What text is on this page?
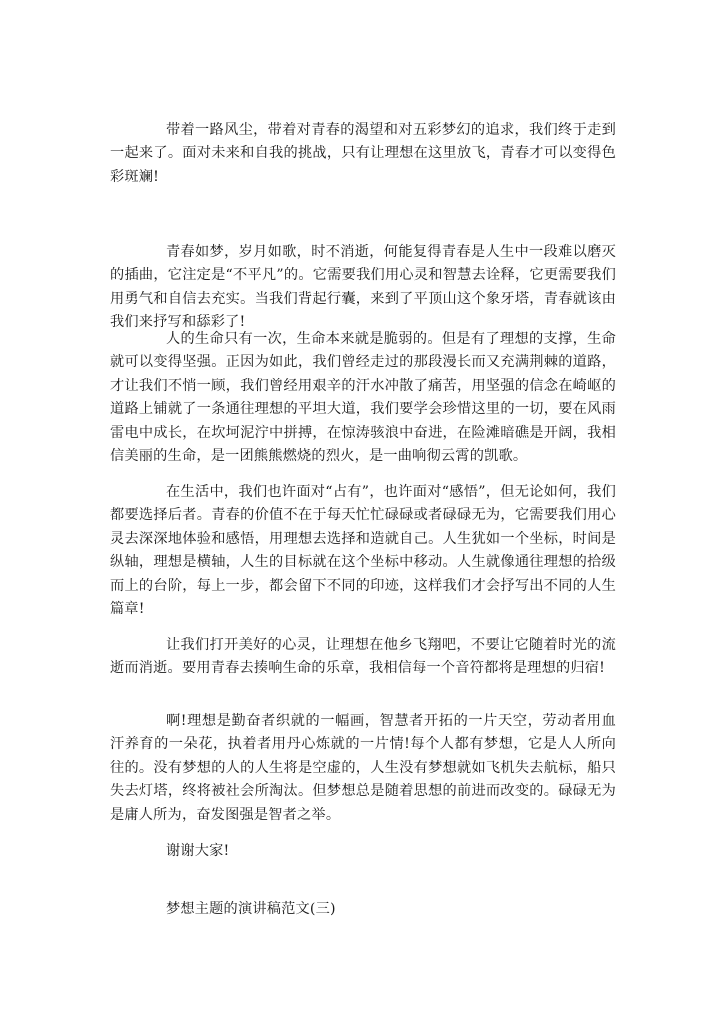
带着一路风尘，带着对青春的渴望和对五彩梦幻的追求，我们终于走到一起来了。面对未来和自我的挑战，只有让理想在这里放飞，青春才可以变得色彩斑斓!

青春如梦，岁月如歌，时不消逝，何能复得青春是人生中一段难以磨灭的插曲，它注定是“不平凡”的。它需要我们用心灵和智慧去诠释，它更需要我们用勇气和自信去充实。当我们背起行囊，来到了平顶山这个象牙塔，青春就该由我们来抒写和舔彩了!

人的生命只有一次，生命本来就是脆弱的。但是有了理想的支撑，生命就可以变得坚强。正因为如此，我们曾经走过的那段漫长而又充满荆棘的道路，才让我们不悄一顾，我们曾经用艰辛的汗水冲散了痛苦，用坚强的信念在崎岖的道路上铺就了一条通往理想的平坦大道，我们要学会珍惜这里的一切，要在风雨雷电中成长，在坎坷泥泞中拼搏，在惊涛骇浪中奋进，在险滩暗礁是开阔，我相信美丽的生命，是一团熊熊燃烧的烈火，是一曲响彻云霄的凯歌。

在生活中，我们也许面对“占有”，也许面对“感悟”，但无论如何，我们都要选择后者。青春的价值不在于每天忙忙碌碌或者碌碌无为，它需要我们用心灵去深深地体验和感悟，用理想去选择和造就自己。人生犹如一个坐标，时间是纵轴，理想是横轴，人生的目标就在这个坐标中移动。人生就像通往理想的拾级而上的台阶，每上一步，都会留下不同的印迹，这样我们才会抒写出不同的人生篇章!

让我们打开美好的心灵，让理想在他乡飞翔吧，不要让它随着时光的流逝而消逝。要用青春去揍响生命的乐章，我相信每一个音符都将是理想的归宿!

啊!理想是勤奋者织就的一幅画，智慧者开拓的一片天空，劳动者用血汗养育的一朵花，执着者用丹心炼就的一片情!每个人都有梦想，它是人人所向往的。没有梦想的人的人生将是空虚的，人生没有梦想就如飞机失去航标，船只失去灯塔，终将被社会所淘汰。但梦想总是随着思想的前进而改变的。碌碌无为是庸人所为，奋发图强是智者之举。

谢谢大家!

梦想主题的演讲稿范文(三)
